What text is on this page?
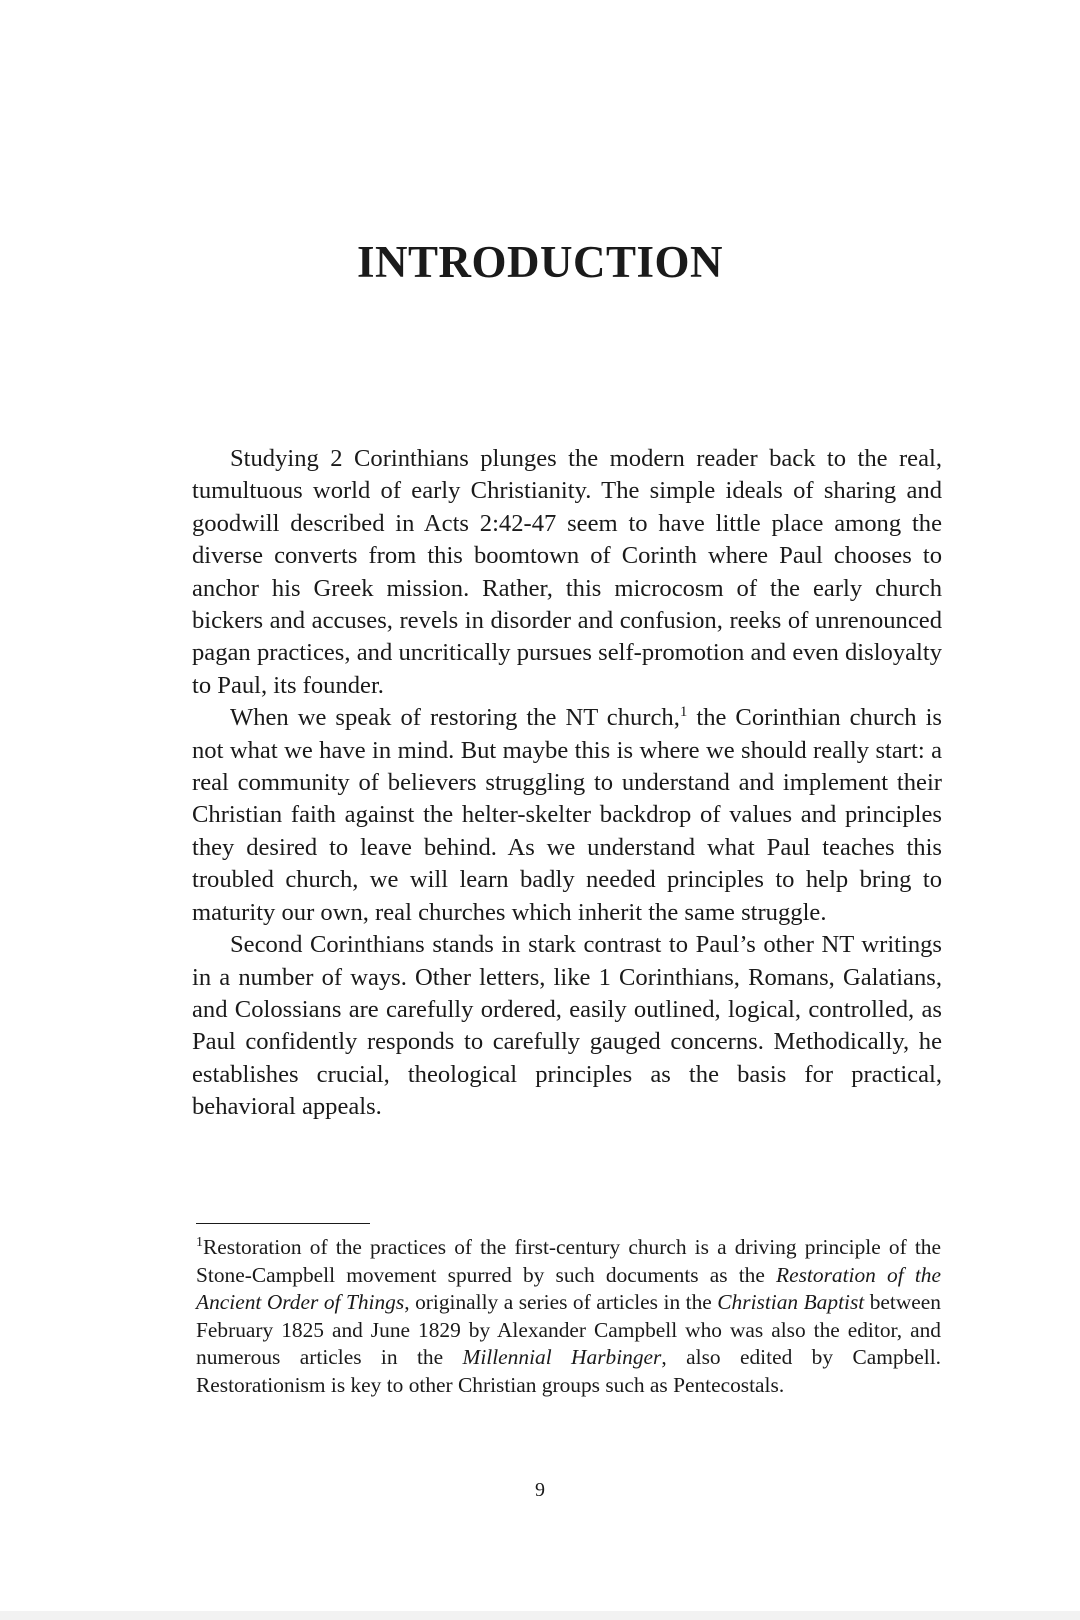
INTRODUCTION

Studying 2 Corinthians plunges the modern reader back to the real, tumultuous world of early Christianity. The simple ideals of sharing and goodwill described in Acts 2:42-47 seem to have little place among the diverse converts from this boomtown of Corinth where Paul chooses to anchor his Greek mission. Rather, this microcosm of the early church bickers and accuses, revels in disorder and confusion, reeks of unrenounced pagan practices, and uncritically pursues self-promotion and even disloyalty to Paul, its founder.

When we speak of restoring the NT church,$^1$ the Corinthian church is not what we have in mind. But maybe this is where we should really start: a real community of believers struggling to understand and implement their Christian faith against the helter-skelter backdrop of values and principles they desired to leave behind. As we understand what Paul teaches this troubled church, we will learn badly needed principles to help bring to maturity our own, real churches which inherit the same struggle.

Second Corinthians stands in stark contrast to Paul’s other NT writings in a number of ways. Other letters, like 1 Corinthians, Romans, Galatians, and Colossians are carefully ordered, easily outlined, logical, controlled, as Paul confidently responds to carefully gauged concerns. Methodically, he establishes crucial, theological principles as the basis for practical, behavioral appeals.

$^1$Restoration of the practices of the first-century church is a driving principle of the Stone-Campbell movement spurred by such documents as the Restoration of the Ancient Order of Things, originally a series of articles in the Christian Baptist between February 1825 and June 1829 by Alexander Campbell who was also the editor, and numerous articles in the Millennial Harbinger, also edited by Campbell. Restorationism is key to other Christian groups such as Pentecostals.

9
